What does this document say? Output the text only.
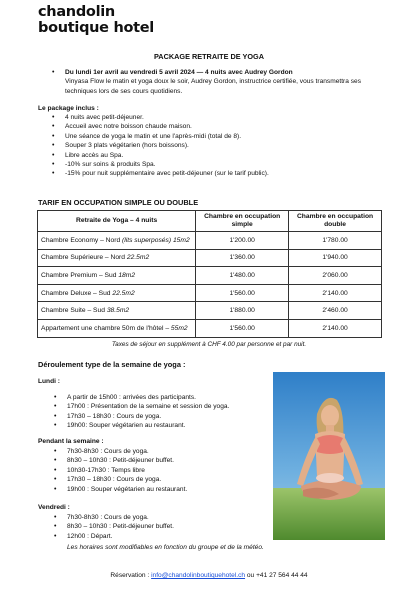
chandolin
boutique hotel
PACKAGE RETRAITE DE YOGA
• Du lundi 1er avril au vendredi 5 avril 2024 — 4 nuits avec Audrey Gordon
Vinyasa Flow le matin et yoga doux le soir, Audrey Gordon, instructrice certifiée, vous transmettra ses techniques lors de ses cours quotidiens.
Le package inclus :
• 4 nuits avec petit-déjeuner.
• Accueil avec notre boisson chaude maison.
• Une séance de yoga le matin et une l'après-midi (total de 8).
• Souper 3 plats végétarien (hors boissons).
• Libre accès au Spa.
• -10% sur soins & produits Spa.
• -15% pour nuit supplémentaire avec petit-déjeuner (sur le tarif public).
TARIF EN OCCUPATION SIMPLE OU DOUBLE
Retraite de Yoga – 4 nuits	Chambre en occupation simple	Chambre en occupation double
Chambre Economy – Nord (lits superposés) 15m2	1'200.00	1'780.00
Chambre Supérieure – Nord 22.5m2	1'360.00	1'940.00
Chambre Premium – Sud 18m2	1'480.00	2'060.00
Chambre Deluxe – Sud 22.5m2	1'560.00	2'140.00
Chambre Suite – Sud 38.5m2	1'880.00	2'460.00
Appartement une chambre 50m de l'hôtel – 55m2	1'560.00	2'140.00
Taxes de séjour en supplément à CHF 4.00 par personne et par nuit.
Déroulement type de la semaine de yoga :
Lundi :
• A partir de 15h00 : arrivées des participants.
• 17h00 : Présentation de la semaine et session de yoga.
• 17h30 – 18h30 : Cours de yoga.
• 19h00: Souper végétarien au restaurant.
Pendant la semaine :
• 7h30-8h30 : Cours de yoga.
• 8h30 – 10h30 : Petit-déjeuner buffet.
• 10h30-17h30 : Temps libre
• 17h30 – 18h30 : Cours de yoga.
• 19h00 : Souper végétarien au restaurant.
Vendredi :
• 7h30-8h30 : Cours de yoga.
• 8h30 – 10h30 : Petit-déjeuner buffet.
• 12h00 : Départ.
Les horaires sont modifiables en fonction du groupe et de la météo.
Réservation : info@chandolinboutiquehotel.ch ou +41 27 564 44 44
